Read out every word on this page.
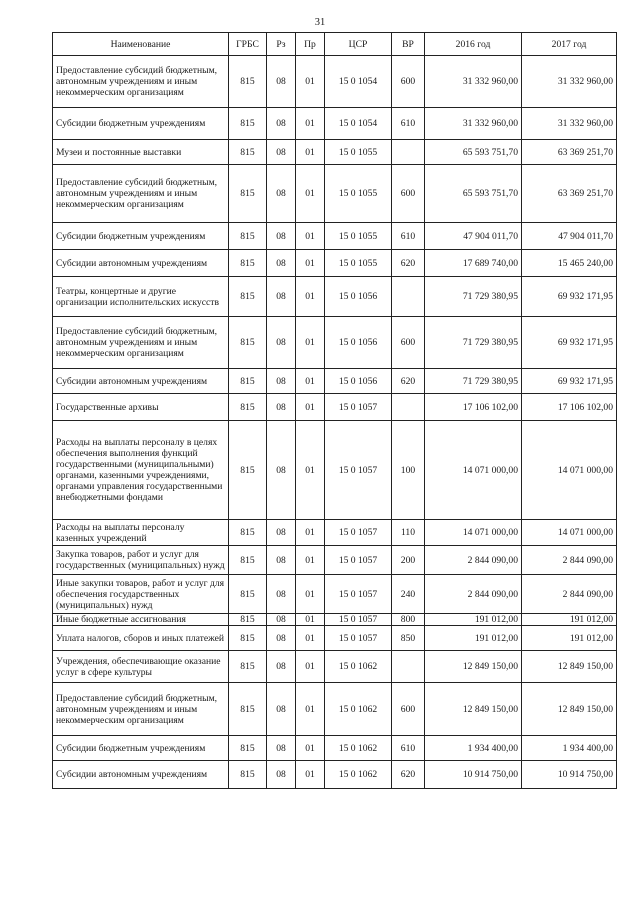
31
Наименование	ГРБС	Рз	Пр	ЦСР	ВР	2016 год	2017 год
Предоставление субсидий бюджетным, автономным учреждениям и иным некоммерческим организациям	815	08	01	15 0 1054	600	31 332 960,00	31 332 960,00
Субсидии бюджетным учреждениям	815	08	01	15 0 1054	610	31 332 960,00	31 332 960,00
Музеи и постоянные выставки	815	08	01	15 0 1055		65 593 751,70	63 369 251,70
Предоставление субсидий бюджетным, автономным учреждениям и иным некоммерческим организациям	815	08	01	15 0 1055	600	65 593 751,70	63 369 251,70
Субсидии бюджетным учреждениям	815	08	01	15 0 1055	610	47 904 011,70	47 904 011,70
Субсидии автономным учреждениям	815	08	01	15 0 1055	620	17 689 740,00	15 465 240,00
Театры, концертные и другие организации исполнительских искусств	815	08	01	15 0 1056		71 729 380,95	69 932 171,95
Предоставление субсидий бюджетным, автономным учреждениям и иным некоммерческим организациям	815	08	01	15 0 1056	600	71 729 380,95	69 932 171,95
Субсидии автономным учреждениям	815	08	01	15 0 1056	620	71 729 380,95	69 932 171,95
Государственные архивы	815	08	01	15 0 1057		17 106 102,00	17 106 102,00
Расходы на выплаты персоналу в целях обеспечения выполнения функций государственными (муниципальными) органами, казенными учреждениями, органами управления государственными внебюджетными фондами	815	08	01	15 0 1057	100	14 071 000,00	14 071 000,00
Расходы на выплаты персоналу казенных учреждений	815	08	01	15 0 1057	110	14 071 000,00	14 071 000,00
Закупка товаров, работ и услуг для государственных (муниципальных) нужд	815	08	01	15 0 1057	200	2 844 090,00	2 844 090,00
Иные закупки товаров, работ и услуг для обеспечения государственных (муниципальных) нужд	815	08	01	15 0 1057	240	2 844 090,00	2 844 090,00
Иные бюджетные ассигнования	815	08	01	15 0 1057	800	191 012,00	191 012,00
Уплата налогов, сборов и иных платежей	815	08	01	15 0 1057	850	191 012,00	191 012,00
Учреждения, обеспечивающие оказание услуг в сфере культуры	815	08	01	15 0 1062		12 849 150,00	12 849 150,00
Предоставление субсидий бюджетным, автономным учреждениям и иным некоммерческим организациям	815	08	01	15 0 1062	600	12 849 150,00	12 849 150,00
Субсидии бюджетным учреждениям	815	08	01	15 0 1062	610	1 934 400,00	1 934 400,00
Субсидии автономным учреждениям	815	08	01	15 0 1062	620	10 914 750,00	10 914 750,00
